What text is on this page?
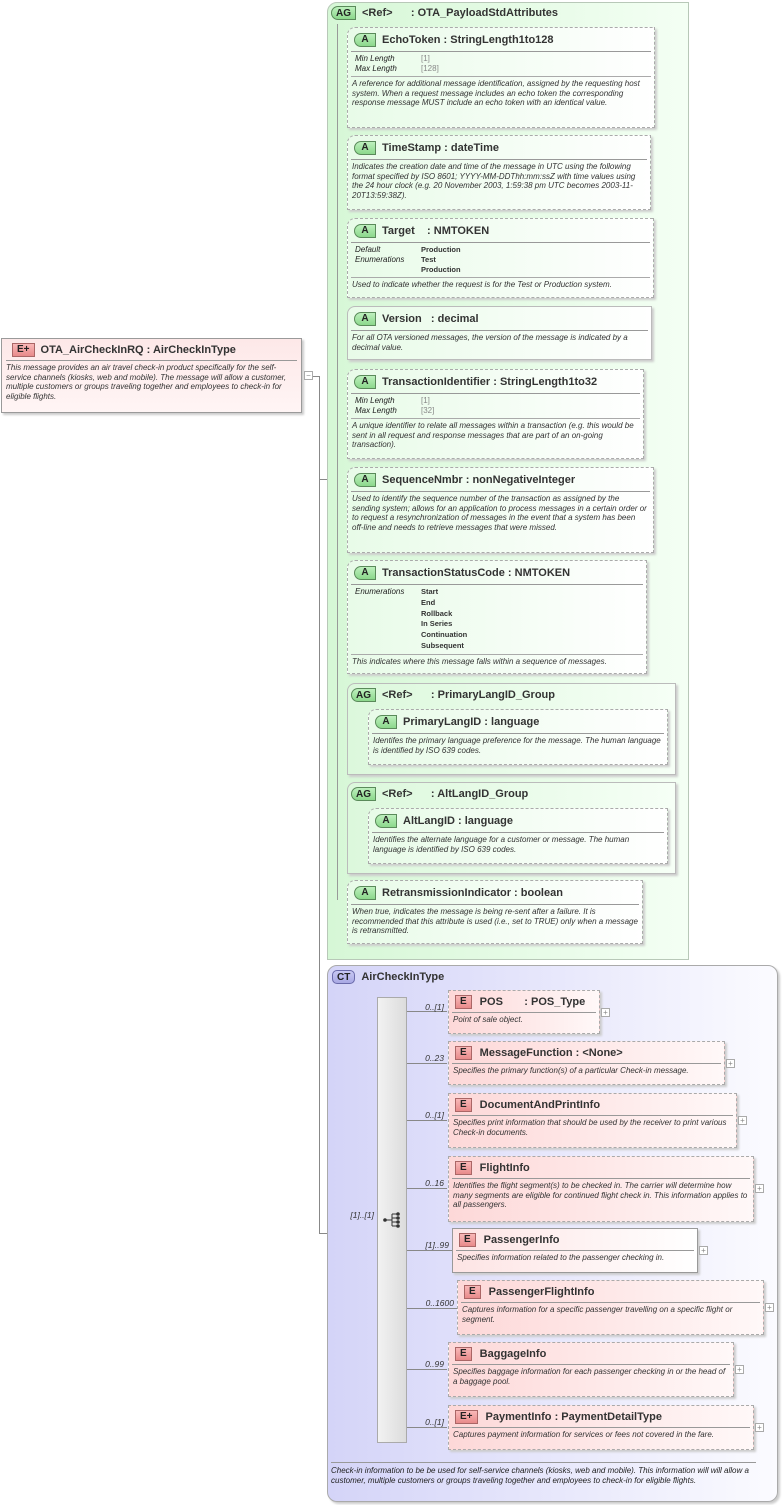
E+	OTA_AirCheckInRQ : AirCheckInType
This message provides an air travel check-in product specifically for the self-service channels (kiosks, web and mobile). The message will allow a customer, multiple customers or groups traveling together and employees to check-in for eligible flights.
−
AG	<Ref>      : OTA_PayloadStdAttributes
A	EchoToken : StringLength1to128
Min Length	[1]
Max Length	[128]
A reference for additional message identification, assigned by the requesting host system. When a request message includes an echo token the corresponding response message MUST include an echo token with an identical value.
A	TimeStamp : dateTime
Indicates the creation date and time of the message in UTC using the following format specified by ISO 8601; YYYY-MM-DDThh:mm:ssZ with time values using the 24 hour clock (e.g. 20 November 2003, 1:59:38 pm UTC becomes 2003-11-20T13:59:38Z).
A	Target    : NMTOKEN
Default	Production
Enumerations	Test
Production
Used to indicate whether the request is for the Test or Production system.
A	Version   : decimal
For all OTA versioned messages, the version of the message is indicated by a decimal value.
A	TransactionIdentifier : StringLength1to32
Min Length	[1]
Max Length	[32]
A unique identifier to relate all messages within a transaction (e.g. this would be sent in all request and response messages that are part of an on-going transaction).
A	SequenceNmbr : nonNegativeInteger
Used to identify the sequence number of the transaction as assigned by the sending system; allows for an application to process messages in a certain order or to request a resynchronization of messages in the event that a system has been off-line and needs to retrieve messages that were missed.
A	TransactionStatusCode : NMTOKEN
Enumerations	Start
End
Rollback
In Series
Continuation
Subsequent
This indicates where this message falls within a sequence of messages.
AG	<Ref>      : PrimaryLangID_Group
A	PrimaryLangID : language
Identifes the primary language preference for the message. The human language is identified by ISO 639 codes.
AG	<Ref>      : AltLangID_Group
A	AltLangID : language
Identifies the alternate language for a customer or message. The human language is identified by ISO 639 codes.
A	RetransmissionIndicator : boolean
When true, indicates the message is being re-sent after a failure. It is recommended that this attribute is used (i.e., set to TRUE) only when a message is retransmitted.
CT	AirCheckInType
[1]..[1]
0..[1]
0..23
0..[1]
0..16
[1]..99
0..1600
0..99
0..[1]
E	POS       : POS_Type
Point of sale object.
+
E	MessageFunction : <None>
Specifies the primary function(s) of a particular Check-in message.
+
E	DocumentAndPrintInfo
Specifies print information that should be used by the receiver to print various Check-in documents.
+
E	FlightInfo
Identifies the flight segment(s) to be checked in. The carrier will determine how many segments are eligible for continued flight check in. This information applies to all passengers.
+
E	PassengerInfo
Specifies information related to the passenger checking in.
+
E	PassengerFlightInfo
Captures information for a specific passenger travelling on a specific flight or segment.
+
E	BaggageInfo
Specifies baggage information for each passenger checking in or the head of a baggage pool.
+
E+	PaymentInfo : PaymentDetailType
Captures payment information for services or fees not covered in the fare.
+
Check-in information to be be used for self-service channels (kiosks, web and mobile). This information will will allow a customer, multiple customers or groups traveling together and employees to check-in for eligible flights.
